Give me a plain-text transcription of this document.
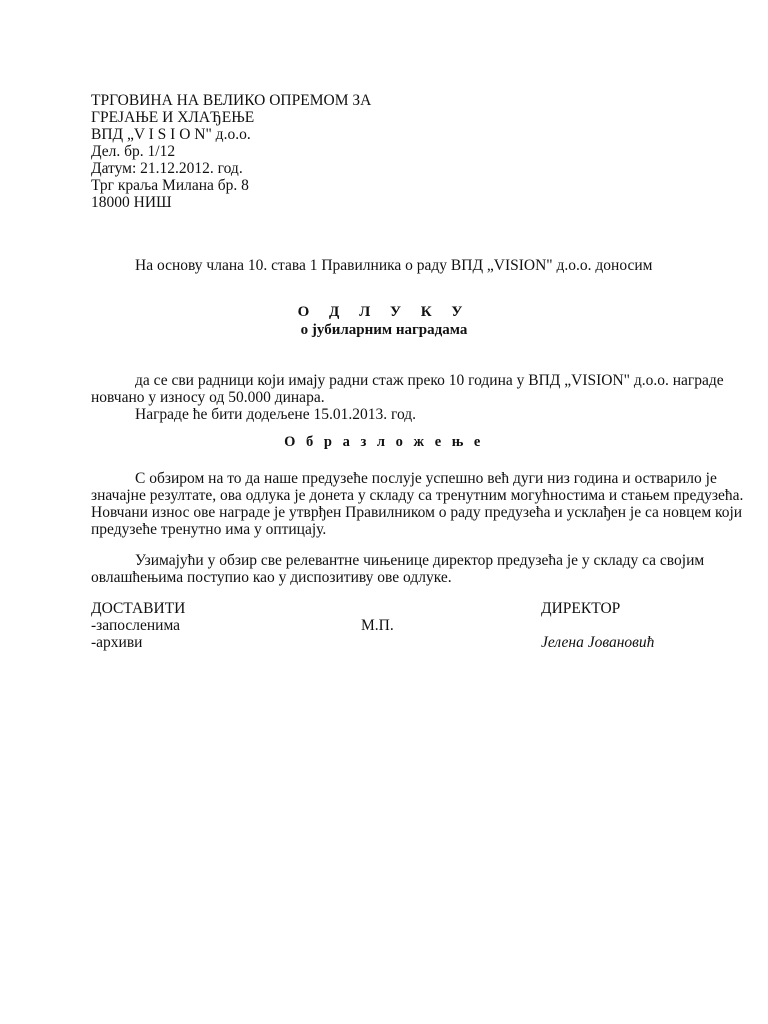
ТРГОВИНА НА ВЕЛИКО ОПРЕМОМ ЗА
ГРЕЈАЊЕ И ХЛАЂЕЊЕ
ВПД „V I S I O N" д.о.о.
Дел. бр. 1/12
Датум: 21.12.2012. год.
Трг краља Милана бр. 8
18000 НИШ
На основу члана 10. става 1 Правилника о раду ВПД „VISION" д.о.о. доносим
О Д Л У К У
о јубиларним наградама
да се сви радници који имају радни стаж преко 10 година у ВПД „VISION" д.о.о. награде
новчано у износу од 50.000 динара.
Награде ће бити додељене 15.01.2013. год.
О б р а з л о ж е њ е
С обзиром на то да наше предузеће послује успешно већ дуги низ година и остварило је
значајне резултате, ова одлука је донета у складу са тренутним могућностима и стањем предузећа.
Новчани износ ове награде је утврђен Правилником о раду предузећа и усклађен је са новцем који
предузеће тренутно има у оптицају.
Узимајући у обзир све релевантне чињенице директор предузећа је у складу са својим
овлашћењима поступио као у диспозитиву ове одлуке.
ДОСТАВИТИ
-запосленима
-архиви
М.П.
ДИРЕКТОР
Јелена Јовановић
